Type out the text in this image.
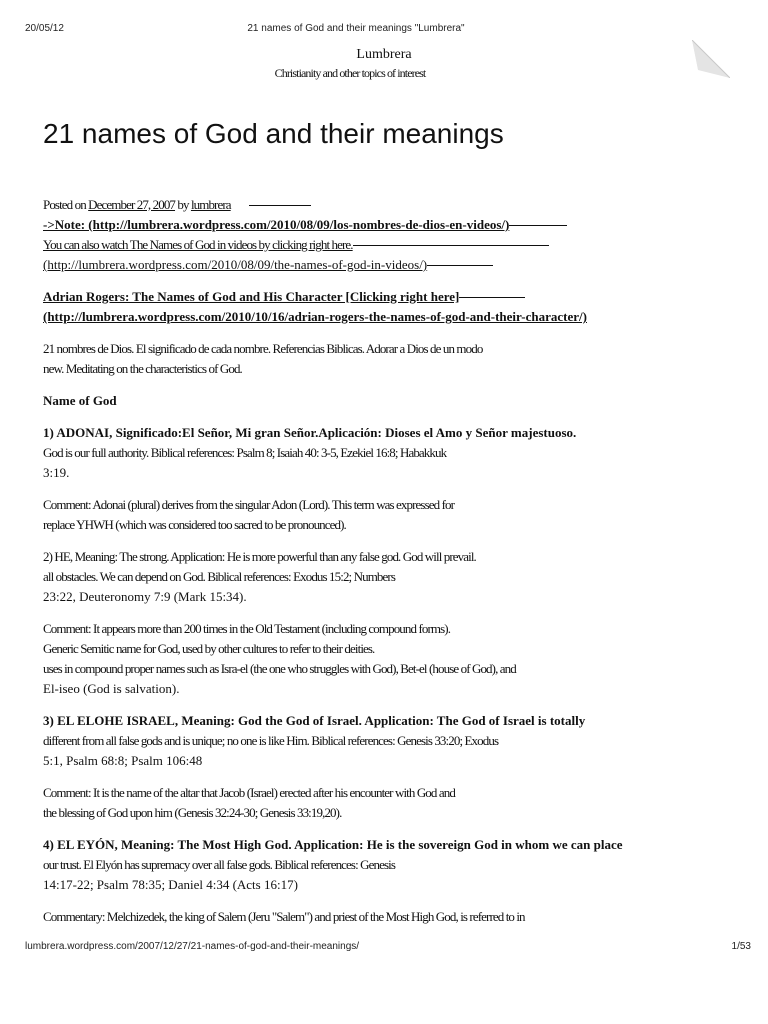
20/05/12	21 names of God and their meanings "Lumbrera"
Lumbrera
Christianity and other topics of interest
21 names of God and their meanings
Posted on December 27, 2007 by lumbrera
->Note: (http://lumbrera.wordpress.com/2010/08/09/los-nombres-de-dios-en-videos/)
You can also watch The Names of God in videos by clicking right here.
(http://lumbrera.wordpress.com/2010/08/09/the-names-of-god-in-videos/)
Adrian Rogers: The Names of God and His Character [Clicking right here]
(http://lumbrera.wordpress.com/2010/10/16/adrian-rogers-the-names-of-god-and-their-character/)
21 nombres de Dios. El significado de cada nombre. Referencias Biblicas. Adorar a Dios de un modo
new. Meditating on the characteristics of God.
Name of God
1) ADONAI, Significado:El Señor, Mi gran Señor.Aplicación: Dioses el Amo y Señor majestuoso.
God is our full authority. Biblical references: Psalm 8; Isaiah 40: 3-5, Ezekiel 16:8; Habakkuk
3:19.
Comment: Adonai (plural) derives from the singular Adon (Lord). This term was expressed for
replace YHWH (which was considered too sacred to be pronounced).
2) HE, Meaning: The strong. Application: He is more powerful than any false god. God will prevail.
all obstacles. We can depend on God. Biblical references: Exodus 15:2; Numbers
23:22, Deuteronomy 7:9 (Mark 15:34).
Comment: It appears more than 200 times in the Old Testament (including compound forms).
Generic Semitic name for God, used by other cultures to refer to their deities.
uses in compound proper names such as Isra-el (the one who struggles with God), Bet-el (house of God), and
El-iseo (God is salvation).
3) EL ELOHE ISRAEL, Meaning: God the God of Israel. Application: The God of Israel is totally
different from all false gods and is unique; no one is like Him. Biblical references: Genesis 33:20; Exodus
5:1, Psalm 68:8; Psalm 106:48
Comment: It is the name of the altar that Jacob (Israel) erected after his encounter with God and
the blessing of God upon him (Genesis 32:24-30; Genesis 33:19,20).
4) EL EYÓN, Meaning: The Most High God. Application: He is the sovereign God in whom we can place
our trust. El Elyón has supremacy over all false gods. Biblical references: Genesis
14:17-22; Psalm 78:35; Daniel 4:34 (Acts 16:17)
Commentary: Melchizedek, the king of Salem (Jeru "Salem") and priest of the Most High God, is referred to in
lumbrera.wordpress.com/2007/12/27/21-names-of-god-and-their-meanings/	1/53
